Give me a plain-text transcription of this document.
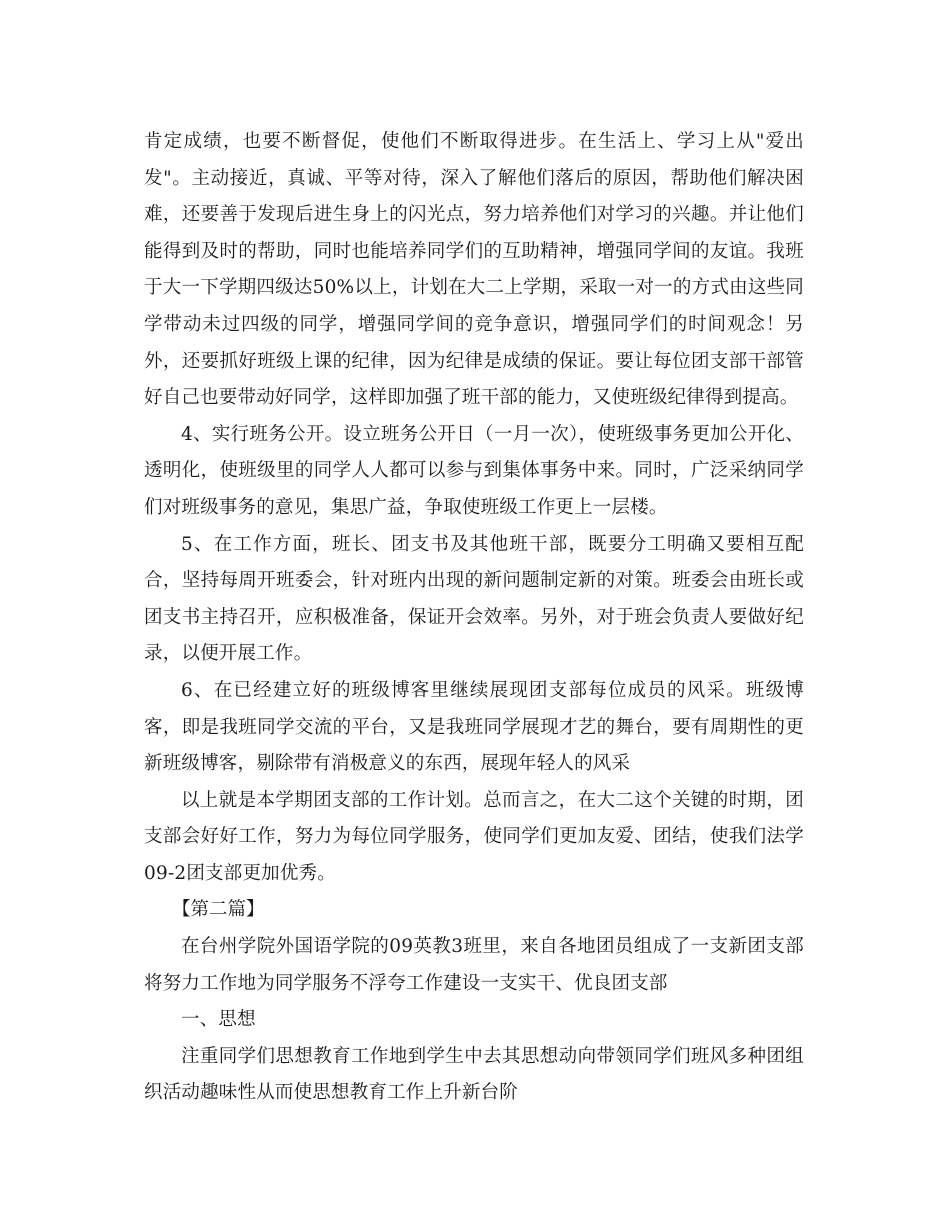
肯定成绩，也要不断督促，使他们不断取得进步。在生活上、学习上从"爱出发"。主动接近，真诚、平等对待，深入了解他们落后的原因，帮助他们解决困难，还要善于发现后进生身上的闪光点，努力培养他们对学习的兴趣。并让他们能得到及时的帮助，同时也能培养同学们的互助精神，增强同学间的友谊。我班于大一下学期四级达50%以上，计划在大二上学期，采取一对一的方式由这些同学带动未过四级的同学，增强同学间的竞争意识，增强同学们的时间观念！另外，还要抓好班级上课的纪律，因为纪律是成绩的保证。要让每位团支部干部管好自己也要带动好同学，这样即加强了班干部的能力，又使班级纪律得到提高。

4、实行班务公开。设立班务公开日（一月一次），使班级事务更加公开化、透明化，使班级里的同学人人都可以参与到集体事务中来。同时，广泛采纳同学们对班级事务的意见，集思广益，争取使班级工作更上一层楼。

5、在工作方面，班长、团支书及其他班干部，既要分工明确又要相互配合，坚持每周开班委会，针对班内出现的新问题制定新的对策。班委会由班长或团支书主持召开，应积极准备，保证开会效率。另外，对于班会负责人要做好纪录，以便开展工作。

6、在已经建立好的班级博客里继续展现团支部每位成员的风采。班级博客，即是我班同学交流的平台，又是我班同学展现才艺的舞台，要有周期性的更新班级博客，剔除带有消极意义的东西，展现年轻人的风采

以上就是本学期团支部的工作计划。总而言之，在大二这个关键的时期，团支部会好好工作，努力为每位同学服务，使同学们更加友爱、团结，使我们法学09-2团支部更加优秀。

【第二篇】

在台州学院外国语学院的09英教3班里，来自各地团员组成了一支新团支部将努力工作地为同学服务不浮夸工作建设一支实干、优良团支部

一、思想

注重同学们思想教育工作地到学生中去其思想动向带领同学们班风多种团组织活动趣味性从而使思想教育工作上升新台阶
